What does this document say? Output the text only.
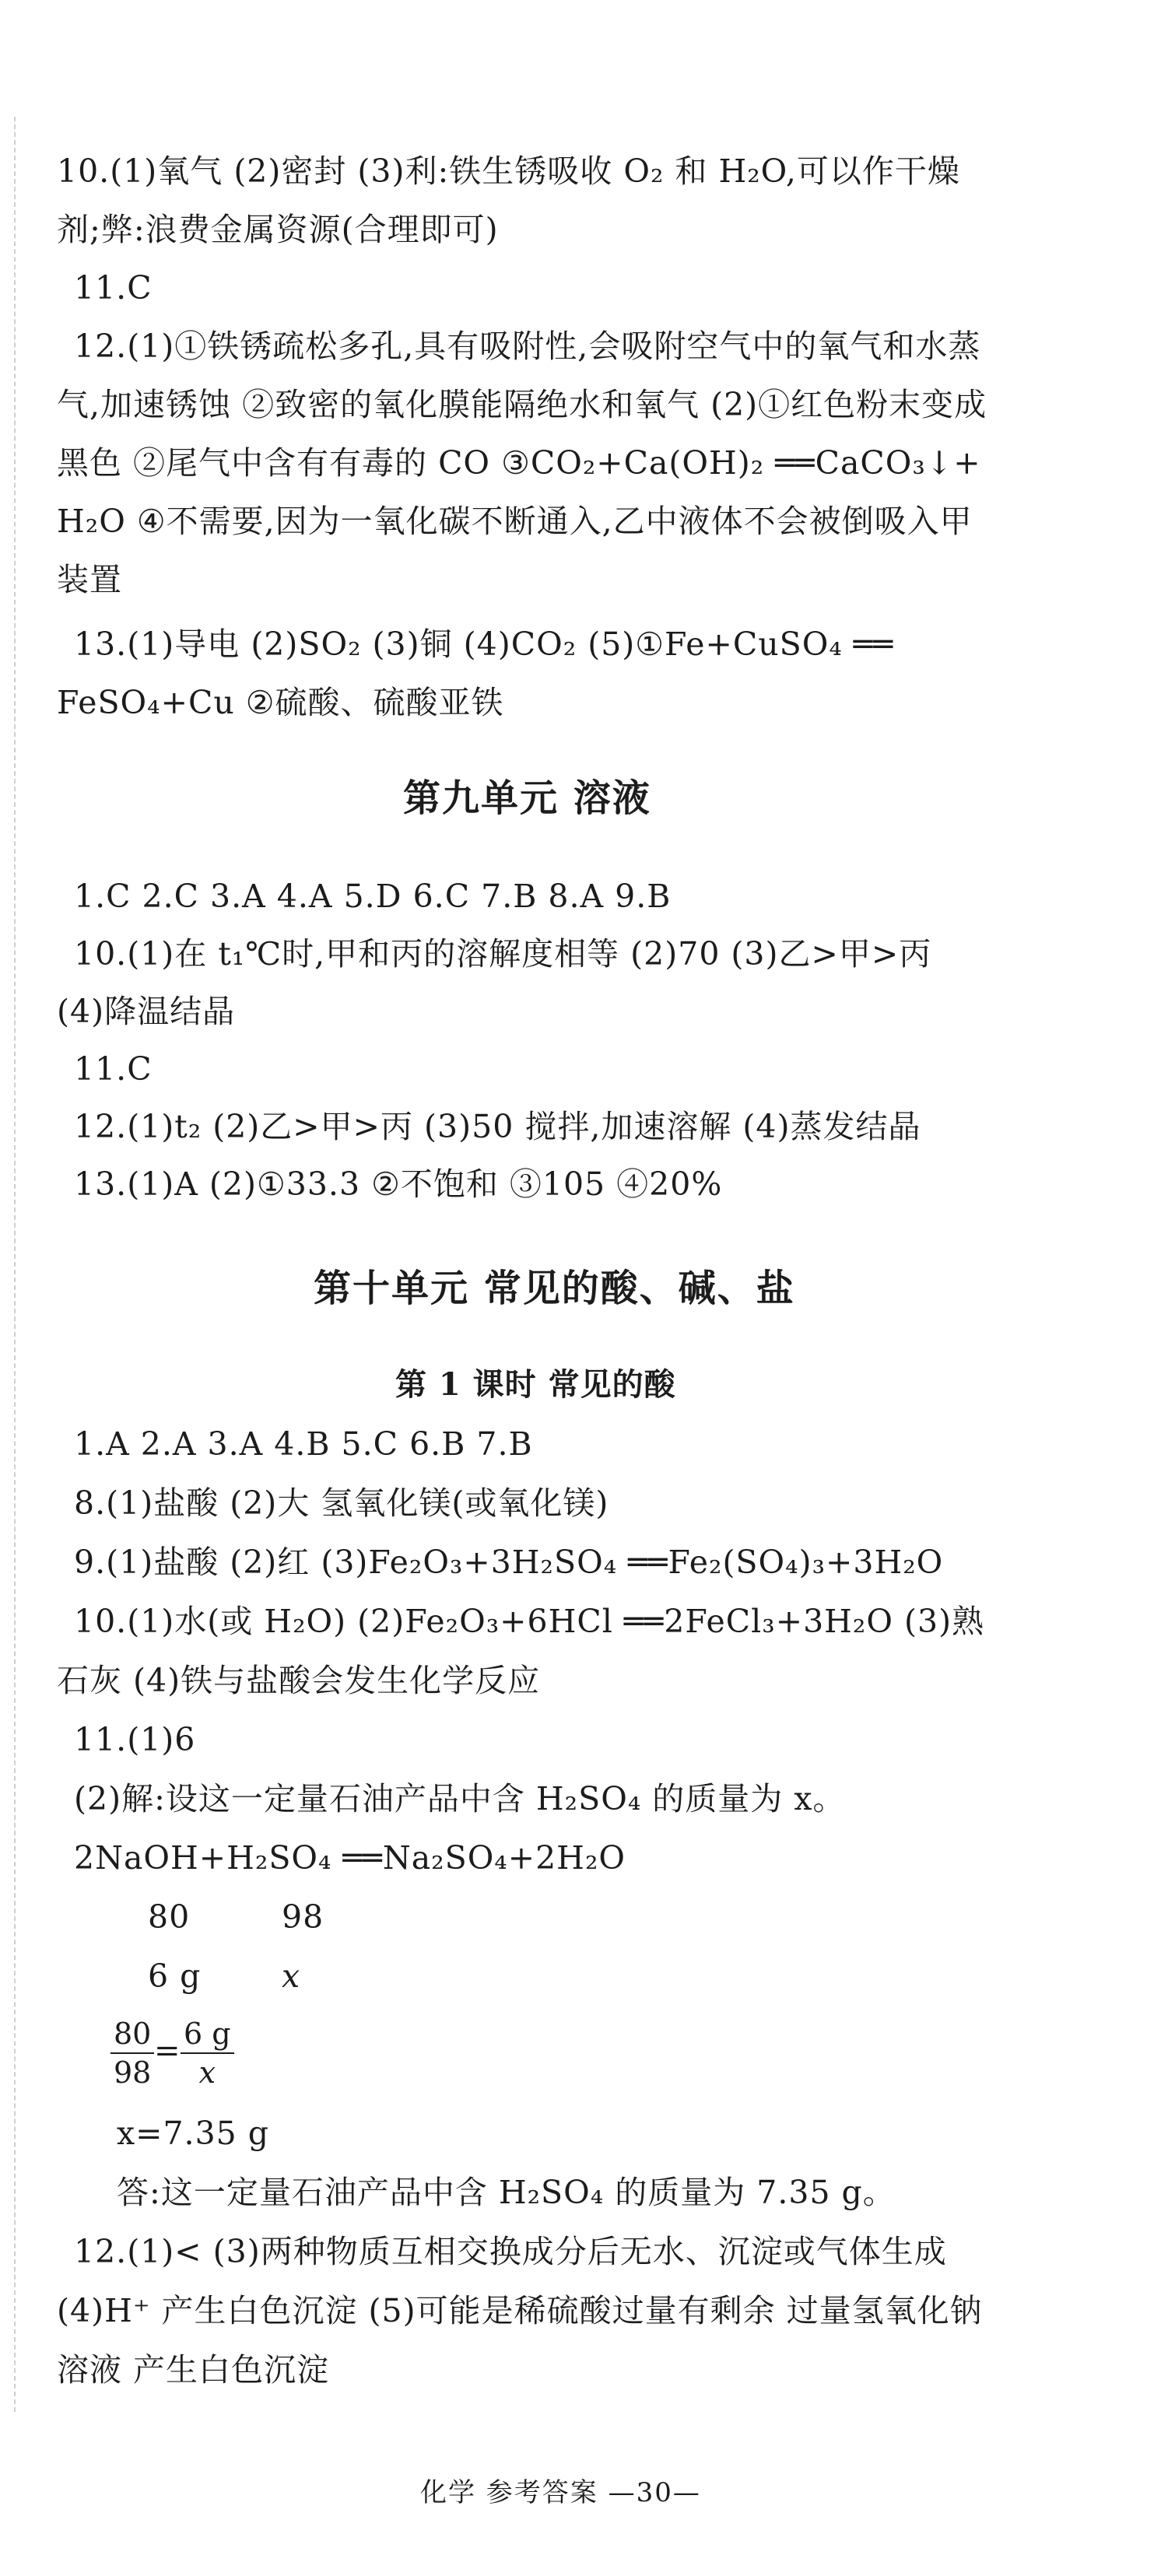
10.(1)氧气 (2)密封 (3)利:铁生锈吸收 O₂ 和 H₂O,可以作干燥
剂;弊:浪费金属资源(合理即可)
11.C
12.(1)①铁锈疏松多孔,具有吸附性,会吸附空气中的氧气和水蒸
气,加速锈蚀 ②致密的氧化膜能隔绝水和氧气 (2)①红色粉末变成
黑色 ②尾气中含有有毒的 CO ③CO₂+Ca(OH)₂ ══CaCO₃↓+
H₂O ④不需要,因为一氧化碳不断通入,乙中液体不会被倒吸入甲
装置
13.(1)导电 (2)SO₂ (3)铜 (4)CO₂ (5)①Fe+CuSO₄ ══
FeSO₄+Cu ②硫酸、硫酸亚铁
第九单元 溶液
1.C 2.C 3.A 4.A 5.D 6.C 7.B 8.A 9.B
10.(1)在 t₁℃时,甲和丙的溶解度相等 (2)70 (3)乙>甲>丙
(4)降温结晶
11.C
12.(1)t₂ (2)乙>甲>丙 (3)50 搅拌,加速溶解 (4)蒸发结晶
13.(1)A (2)①33.3 ②不饱和 ③105 ④20%
第十单元 常见的酸、碱、盐
第 1 课时 常见的酸
1.A 2.A 3.A 4.B 5.C 6.B 7.B
8.(1)盐酸 (2)大 氢氧化镁(或氧化镁)
9.(1)盐酸 (2)红 (3)Fe₂O₃+3H₂SO₄ ══Fe₂(SO₄)₃+3H₂O
10.(1)水(或 H₂O) (2)Fe₂O₃+6HCl ══2FeCl₃+3H₂O (3)熟
石灰 (4)铁与盐酸会发生化学反应
11.(1)6
(2)解:设这一定量石油产品中含 H₂SO₄ 的质量为 x。
2NaOH+H₂SO₄ ══Na₂SO₄+2H₂O
80	98
6 g	x
$\frac{80}{98} = \frac{6 g}{x}$
x=7.35 g
答:这一定量石油产品中含 H₂SO₄ 的质量为 7.35 g。
12.(1)< (3)两种物质互相交换成分后无水、沉淀或气体生成
(4)H⁺ 产生白色沉淀 (5)可能是稀硫酸过量有剩余 过量氢氧化钠
溶液 产生白色沉淀
化学 参考答案 —30—
